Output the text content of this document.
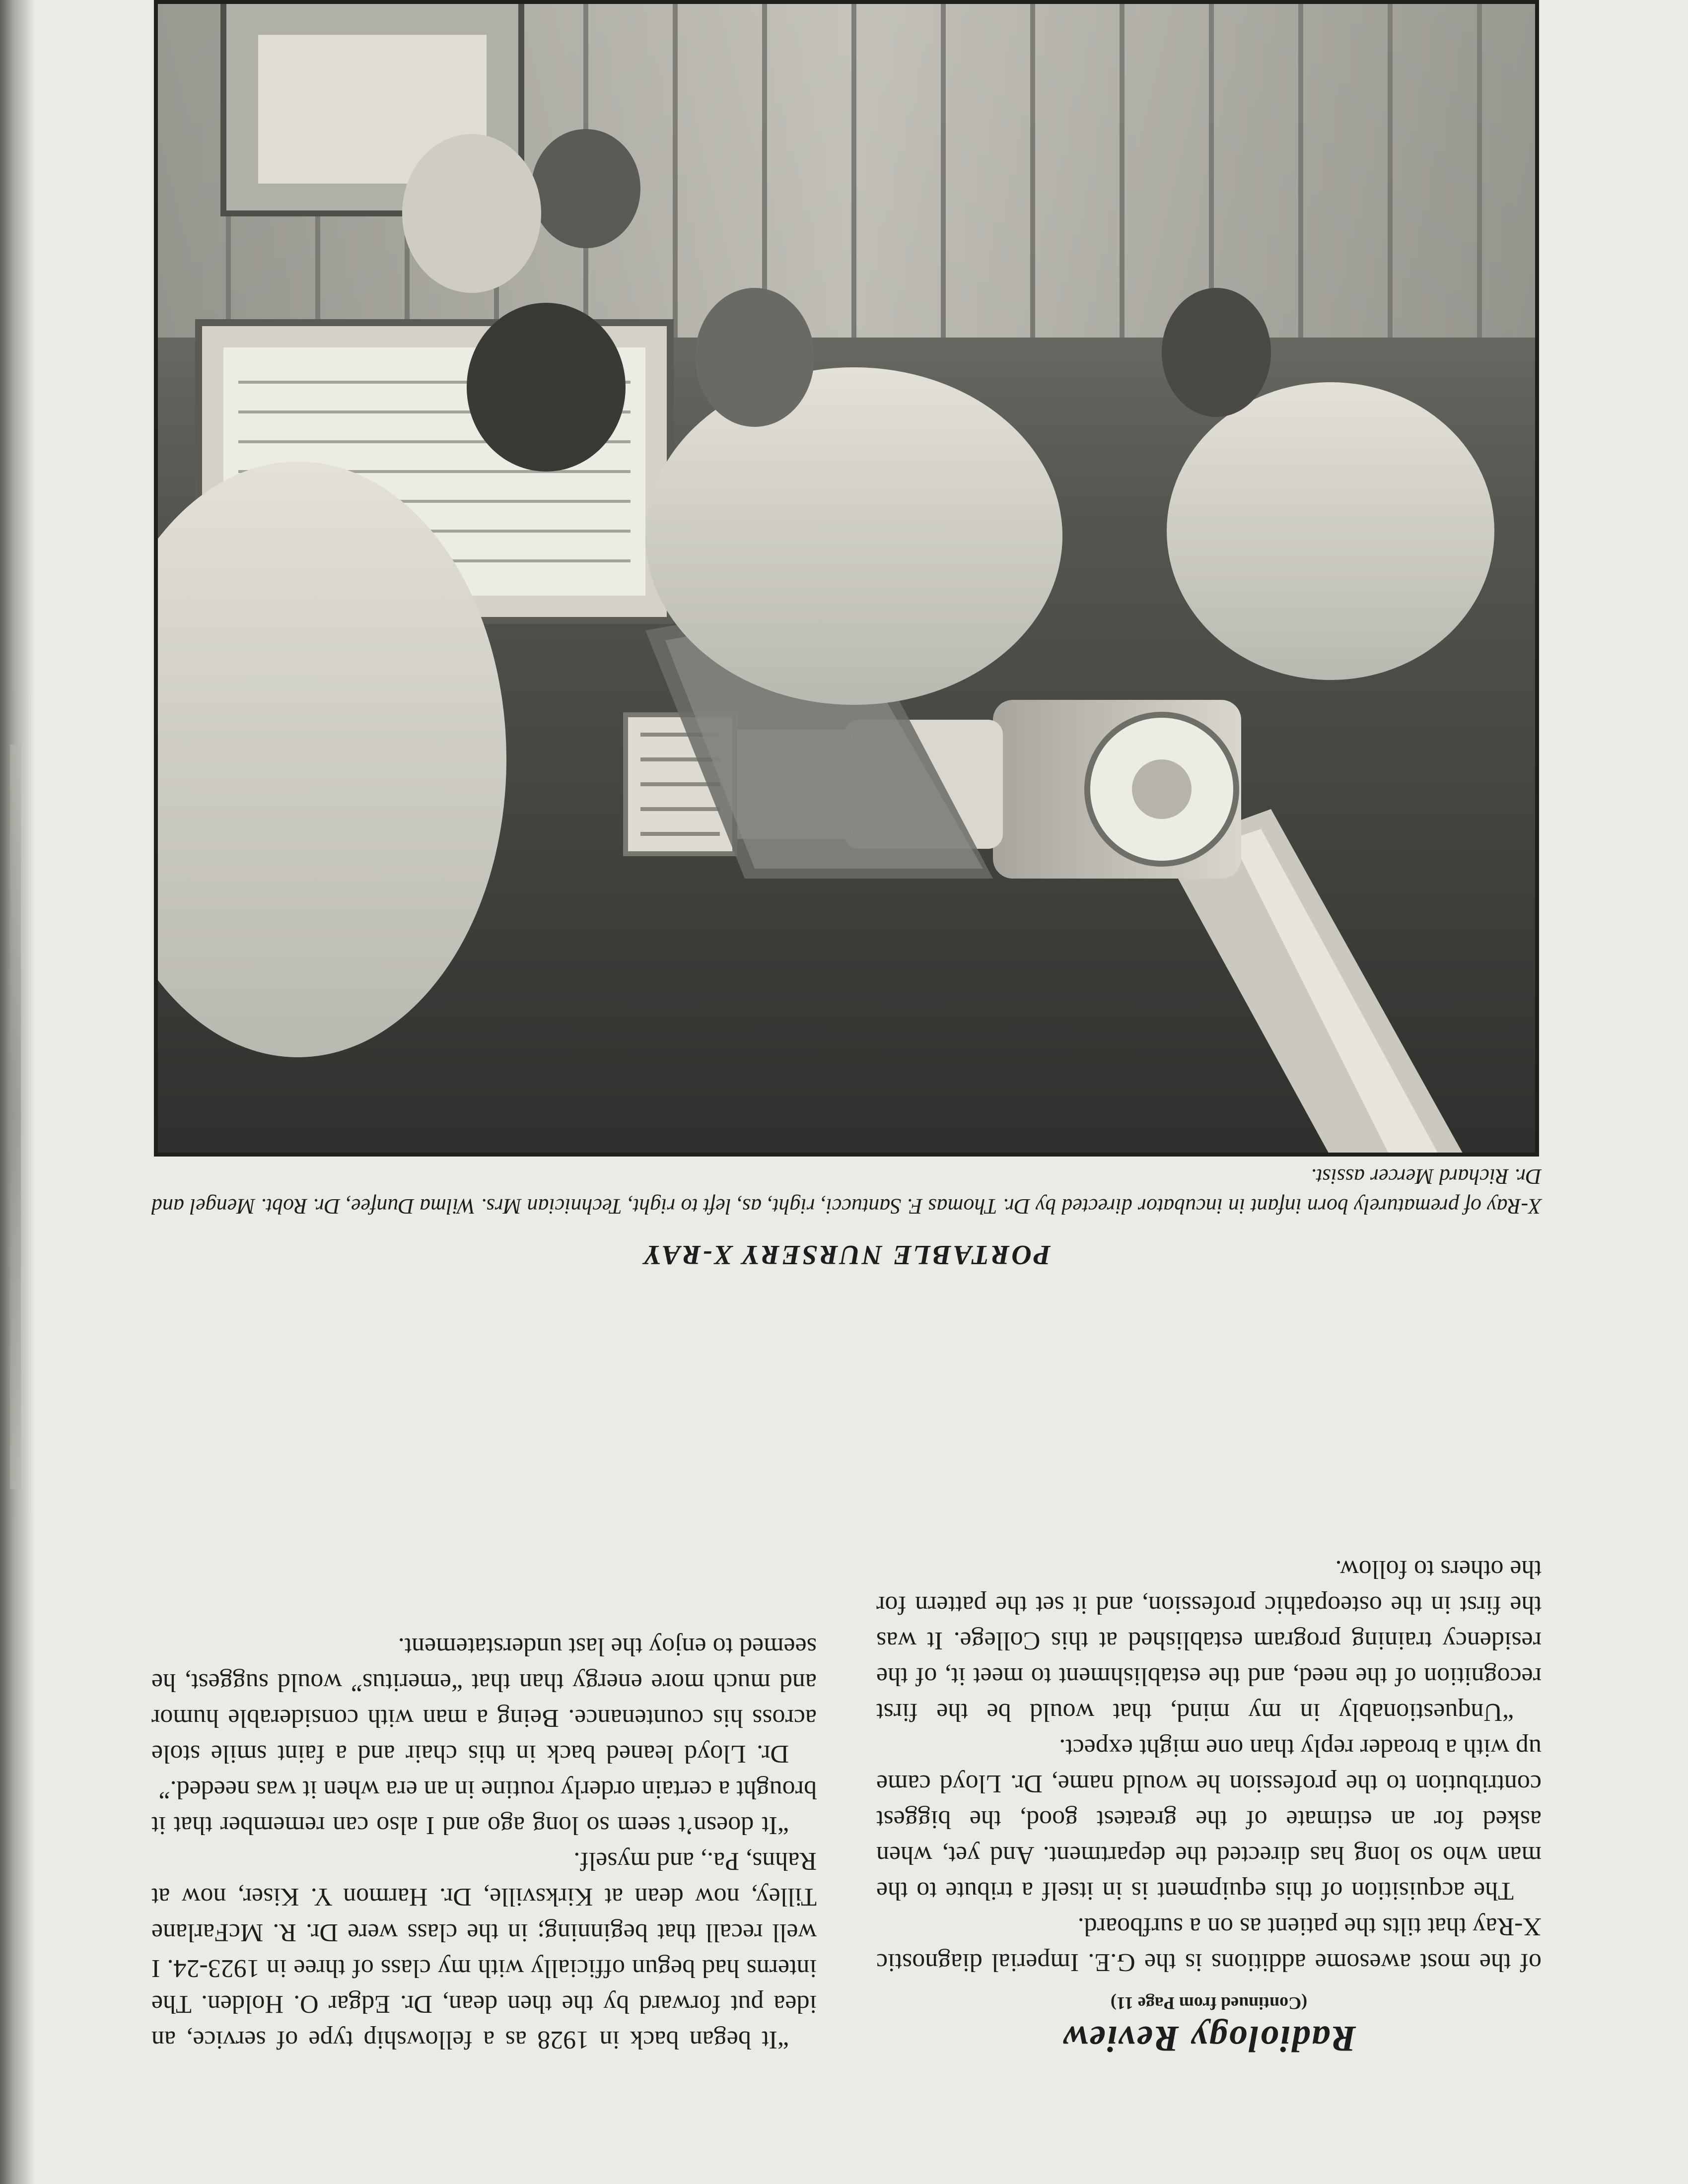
Radiology Review
(Continued from Page 11)

of the most awesome additions is the G.E. Imperial diagnostic X-Ray that tilts the patient as on a surfboard.

The acquisition of this equipment is in itself a tribute to the man who so long has directed the department. And yet, when asked for an estimate of the greatest good, the biggest contribution to the profession he would name, Dr. Lloyd came up with a broader reply than one might expect.

“Unquestionably in my mind, that would be the first recognition of the need, and the establishment to meet it, of the residency training program established at this College. It was the first in the osteopathic profession, and it set the pattern for the others to follow.

“It began back in 1928 as a fellowship type of service, an idea put forward by the then dean, Dr. Edgar O. Holden. The interns had begun officially with my class of three in 1923-24. I well recall that beginning; in the class were Dr. R. McFarlane Tilley, now dean at Kirksville, Dr. Harmon Y. Kiser, now at Rahns, Pa., and myself.

“It doesn’t seem so long ago and I also can remember that it brought a certain orderly routine in an era when it was needed.”

Dr. Lloyd leaned back in this chair and a faint smile stole across his countenance. Being a man with considerable humor and much more energy than that “emeritus” would suggest, he seemed to enjoy the last understatement.

PORTABLE NURSERY X-RAY

X-Ray of prematurely born infant in incubator directed by Dr. Thomas F. Santucci, right, as, left to right, Technician Mrs. Wilma Dunfee, Dr. Robt. Mengel and Dr. Richard Mercer assist.
